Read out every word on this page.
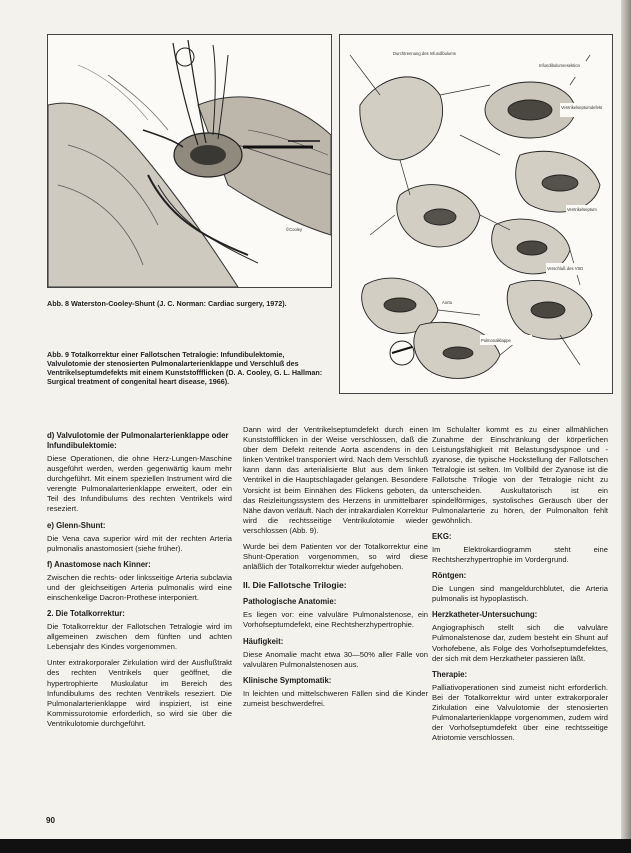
©Cooley
Abb. 8 Waterston-Cooley-Shunt (J. C. Norman: Cardiac surgery, 1972).
Durchtrennung des Infundibulums
Infundibulumresektion
Ventrikelseptumdefekt
Ventrikelseptum
Verschluß des VSD
Aorta
Pulmonalklappe
Abb. 9 Totalkorrektur einer Fallotschen Tetralogie: Infundibulektomie, Valvulotomie der stenosierten Pulmonalarterienklappe und Verschluß des Ventrikelseptumdefekts mit einem Kunststoffflicken (D. A. Cooley, G. L. Hallman: Surgical treatment of congenital heart disease, 1966).
d) Valvulotomie der Pulmonalarterienklappe oder Infundibulektomie:

Diese Operationen, die ohne Herz-Lungen-Maschine ausgeführt werden, werden gegenwärtig kaum mehr durchgeführt. Mit einem speziellen Instrument wird die verengte Pulmonalarterienklappe erweitert, oder ein Teil des Infundibulums des rechten Ventrikels wird reseziert.

e) Glenn-Shunt:

Die Vena cava superior wird mit der rechten Arteria pulmonalis anastomosiert (siehe früher).

f) Anastomose nach Kinner:

Zwischen die rechts- oder linksseitige Arteria subclavia und der gleichseitigen Arteria pulmonalis wird eine einschenkelige Dacron-Prothese interponiert.

2. Die Totalkorrektur:

Die Totalkorrektur der Fallotschen Tetralogie wird im allgemeinen zwischen dem fünften und achten Lebensjahr des Kindes vorgenommen.

Unter extrakorporaler Zirkulation wird der Ausflußtrakt des rechten Ventrikels quer geöffnet, die hypertrophierte Muskulatur im Bereich des Infundibulums des rechten Ventrikels reseziert. Die Pulmonalarterienklappe wird inspiziert, ist eine Kommissurotomie erforderlich, so wird sie über die Ventrikulotomie durchgeführt.

Dann wird der Ventrikelseptumdefekt durch einen Kunststoffflicken in der Weise verschlossen, daß die über dem Defekt reitende Aorta ascendens in den linken Ventrikel transponiert wird. Nach dem Verschluß kann dann das arterialisierte Blut aus dem linken Ventrikel in die Hauptschlagader gelangen. Besondere Vorsicht ist beim Einnähen des Flickens geboten, da das Reizleitungssystem des Herzens in unmittelbarer Nähe davon verläuft. Nach der intrakardialen Korrektur wird die rechtsseitige Ventrikulotomie wieder verschlossen (Abb. 9).

Wurde bei dem Patienten vor der Totalkorrektur eine Shunt-Operation vorgenommen, so wird diese anläßlich der Totalkorrektur wieder aufgehoben.

II. Die Fallotsche Trilogie:
Pathologische Anatomie:

Es liegen vor: eine valvuläre Pulmonalstenose, ein Vorhofseptumdefekt, eine Rechtsherzhypertrophie.

Häufigkeit:

Diese Anomalie macht etwa 30—50% aller Fälle von valvulären Pulmonalstenosen aus.

Klinische Symptomatik:

In leichten und mittelschweren Fällen sind die Kinder zumeist beschwerdefrei.

Im Schulalter kommt es zu einer allmählichen Zunahme der Einschränkung der körperlichen Leistungsfähigkeit mit Belastungsdyspnoe und -zyanose, die typische Hockstellung der Fallotschen Tetralogie ist selten. Im Vollbild der Zyanose ist die Fallotsche Trilogie von der Tetralogie nicht zu unterscheiden. Auskultatorisch ist ein spindelförmiges, systolisches Geräusch über der Pulmonalarterie zu hören, der Pulmonalton fehlt gewöhnlich.

EKG:

Im Elektrokardiogramm steht eine Rechtsherzhypertrophie im Vordergrund.

Röntgen:

Die Lungen sind mangeldurchblutet, die Arteria pulmonalis ist hypoplastisch.

Herzkatheter-Untersuchung:

Angiographisch stellt sich die valvuläre Pulmonalstenose dar, zudem besteht ein Shunt auf Vorhofebene, als Folge des Vorhofseptumdefektes, der sich mit dem Herzkatheter passieren läßt.

Therapie:

Palliativoperationen sind zumeist nicht erforderlich. Bei der Totalkorrektur wird unter extrakorporaler Zirkulation eine Valvulotomie der stenosierten Pulmonalarterienklappe vorgenommen, zudem wird der Vorhofseptumdefekt über eine rechtsseitige Atriotomie verschlossen.

90
